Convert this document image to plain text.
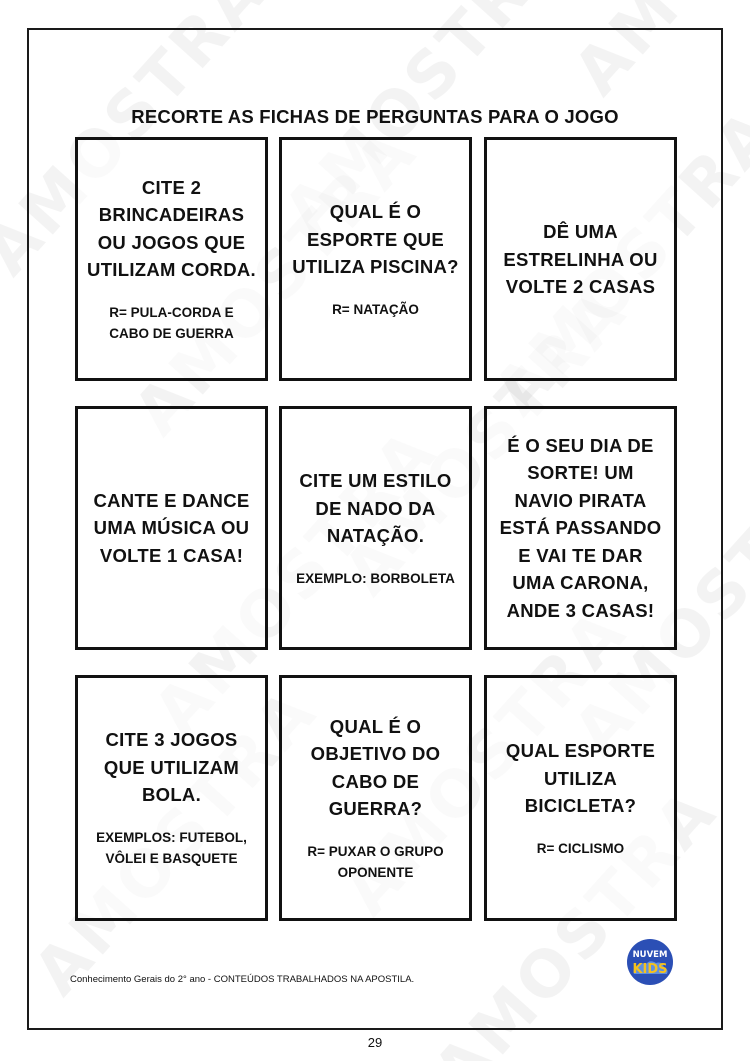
RECORTE AS FICHAS DE PERGUNTAS PARA O JOGO
CITE 2
BRINCADEIRAS
OU JOGOS QUE
UTILIZAM CORDA.
R= PULA-CORDA E
CABO DE GUERRA
QUAL É O
ESPORTE QUE
UTILIZA PISCINA?
R= NATAÇÃO
DÊ UMA
ESTRELINHA OU
VOLTE 2 CASAS
CANTE E DANCE
UMA MÚSICA OU
VOLTE 1 CASA!
CITE UM ESTILO
DE NADO DA
NATAÇÃO.
EXEMPLO: BORBOLETA
É O SEU DIA DE
SORTE! UM
NAVIO PIRATA
ESTÁ PASSANDO
E VAI TE DAR
UMA CARONA,
ANDE 3 CASAS!
CITE 3 JOGOS
QUE UTILIZAM
BOLA.
EXEMPLOS: FUTEBOL,
VÔLEI E BASQUETE
QUAL É O
OBJETIVO DO
CABO DE
GUERRA?
R= PUXAR O GRUPO
OPONENTE
QUAL ESPORTE
UTILIZA
BICICLETA?
R= CICLISMO
Conhecimento Gerais do 2° ano - CONTEÚDOS TRABALHADOS NA APOSTILA.
NUVEM
KIDS
29
